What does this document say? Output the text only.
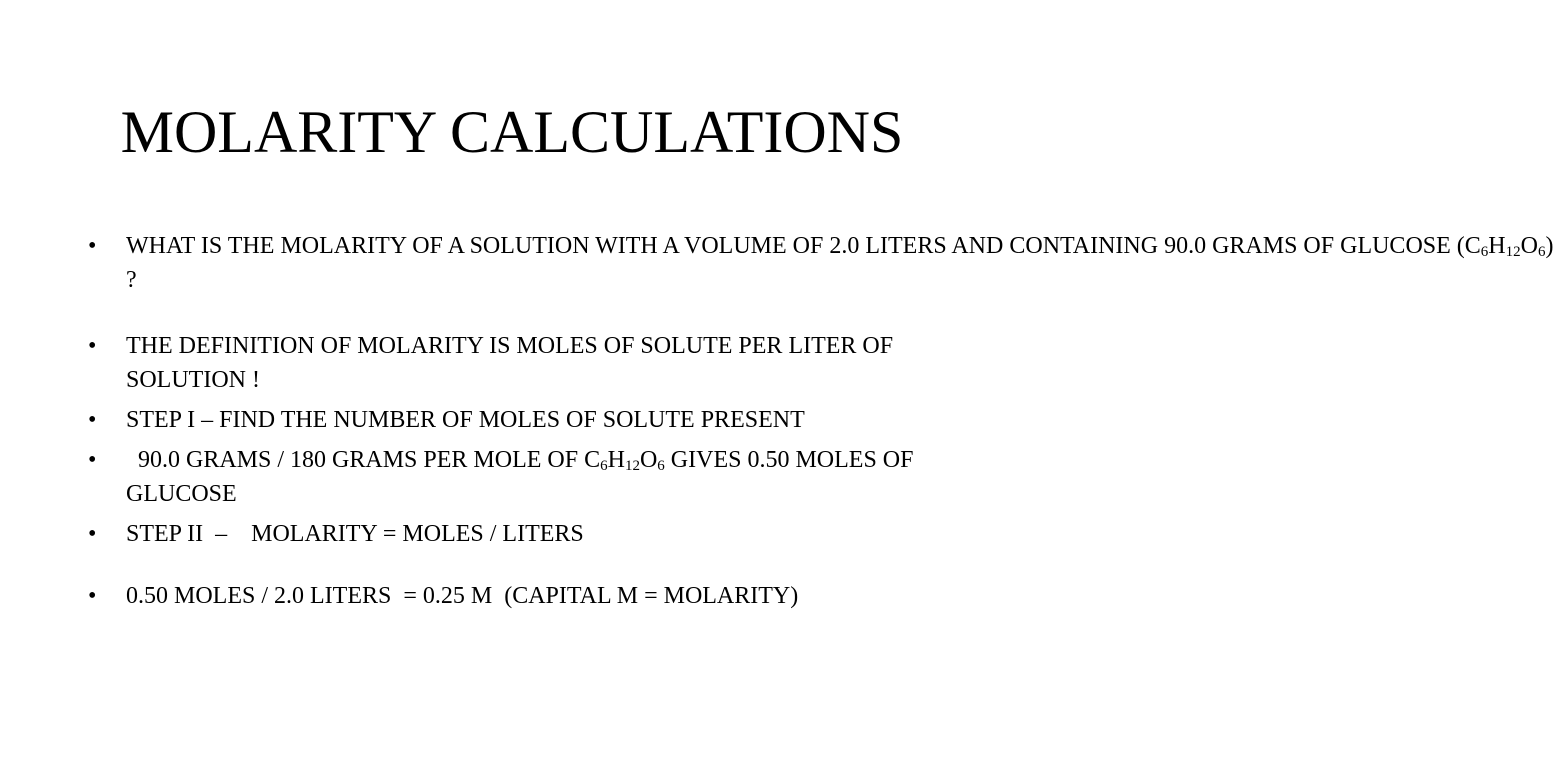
MOLARITY CALCULATIONS
• WHAT IS THE MOLARITY OF A SOLUTION WITH A VOLUME OF 2.0 LITERS AND CONTAINING 90.0 GRAMS OF GLUCOSE $(C_6H_{12}O_6)$ ?
• THE DEFINITION OF MOLARITY IS MOLES OF SOLUTE PER LITER OF SOLUTION !
• STEP I – FIND THE NUMBER OF MOLES OF SOLUTE PRESENT
• 90.0 GRAMS / 180 GRAMS PER MOLE OF $C_6H_{12}O_6$ GIVES 0.50 MOLES OF GLUCOSE
• STEP II  –    MOLARITY = MOLES / LITERS
• 0.50 MOLES / 2.0 LITERS  = 0.25 M  (CAPITAL M = MOLARITY)
